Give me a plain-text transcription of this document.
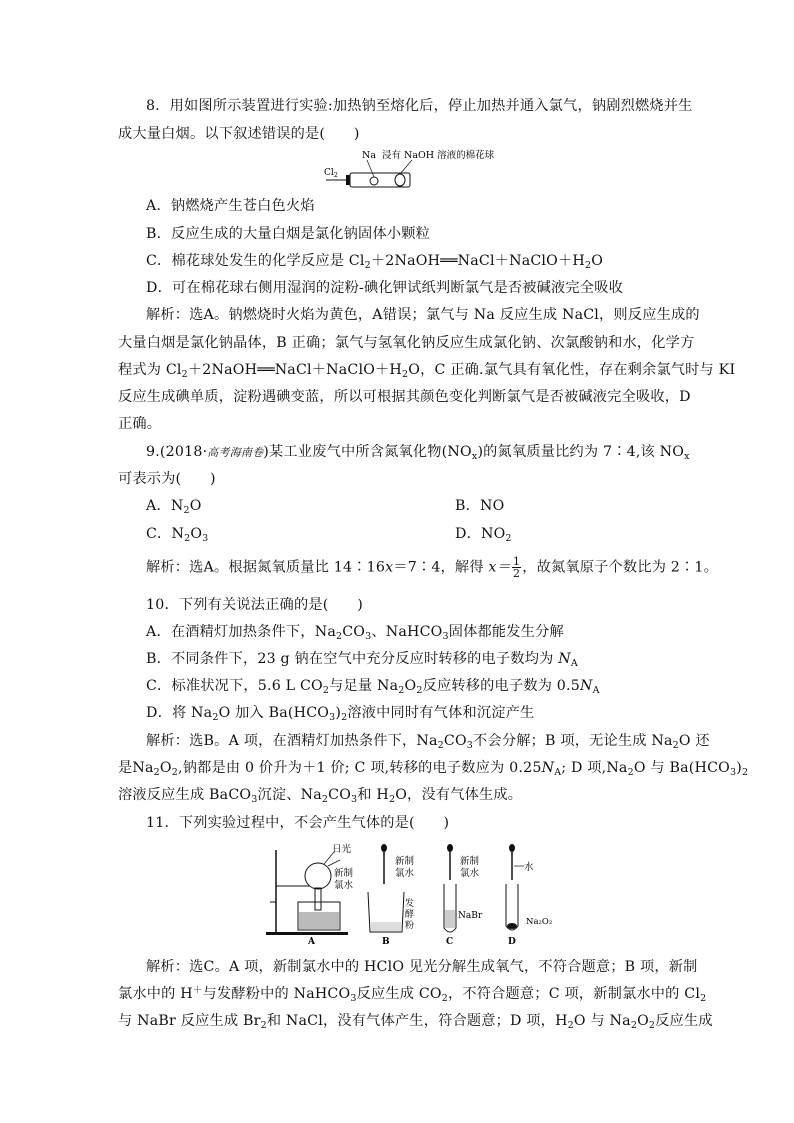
8．用如图所示装置进行实验:加热钠至熔化后，停止加热并通入氯气，钠剧烈燃烧并生
成大量白烟。以下叙述错误的是(　　)
Na 浸有 NaOH 溶液的棉花球
$Cl_2$
A．钠燃烧产生苍白色火焰
B．反应生成的大量白烟是氯化钠固体小颗粒
C．棉花球处发生的化学反应是 $Cl_2+2NaOH══NaCl+NaClO+H_2O$
D．可在棉花球右侧用湿润的淀粉-碘化钾试纸判断氯气是否被碱液完全吸收
解析：选A。钠燃烧时火焰为黄色，A错误；氯气与 Na 反应生成 NaCl，则反应生成的
大量白烟是氯化钠晶体，B 正确；氯气与氢氧化钠反应生成氯化钠、次氯酸钠和水，化学方
程式为 $Cl_2+2NaOH══NaCl+NaClO+H_2O$，C 正确.氯气具有氧化性，存在剩余氯气时与 KI
反应生成碘单质，淀粉遇碘变蓝，所以可根据其颜色变化判断氯气是否被碱液完全吸收，D
正确。
9.(2018·高考海南卷)某工业废气中所含氮氧化物$(NO_x)$的氮氧质量比约为 7∶4,该 $NO_x$
可表示为(　　)
A．$N_2O$	B．NO
C．$N_2O_3$	D．$NO_2$
解析：选A。根据氮氧质量比 14∶16x＝7∶4，解得 $x= \frac{1}{2}$ ，故氮氧原子个数比为 2∶1。
10．下列有关说法正确的是(　　)
A．在酒精灯加热条件下，$Na_2CO_3$、NaHCO$_3$固体都能发生分解
B．不同条件下，23 g 钠在空气中充分反应时转移的电子数均为 $N_A$
C．标准状况下，5.6 L $CO_2$与足量 $Na_2O_2$反应转移的电子数为 $0.5N_A$
D．将 $Na_2O$ 加入 $Ba(HCO_3)_2$溶液中同时有气体和沉淀产生
解析：选B。A 项，在酒精灯加热条件下，$Na_2CO_3$不会分解；B 项，无论生成 $Na_2O$ 还
是$Na_2O_2$,钠都是由 0 价升为＋1 价; C 项,转移的电子数应为 $0.25N_A$; D 项$,Na_2O$ 与 $Ba(HCO_3)_2$
溶液反应生成 BaCO$_3$沉淀、$Na_2CO_3$和 $H_2O$，没有气体生成。
11．下列实验过程中，不会产生气体的是(　　)
日光
新制
氯水
A
新制
氯水
发
酵
粉
B
新制
氯水
NaBr
C
水
Na₂O₂
D
解析：选C。A 项，新制氯水中的 HClO 见光分解生成氧气，不符合题意；B 项，新制
氯水中的 H＋与发酵粉中的 NaHCO$_3$反应生成 $CO_2$，不符合题意；C 项，新制氯水中的 $Cl_2$
与 NaBr 反应生成 $Br_2$和 NaCl，没有气体产生，符合题意；D 项，$H_2O$ 与 $Na_2O_2$反应生成
